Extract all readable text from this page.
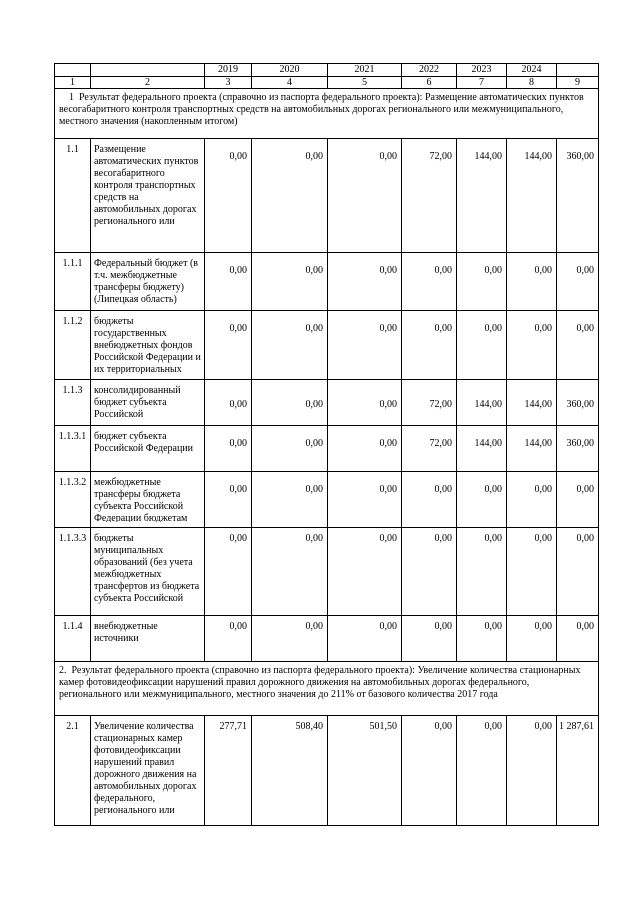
		2019	2020	2021	2022	2023	2024	
1	2	3	4	5	6	7	8	9
1 Результат федерального проекта (справочно из паспорта федерального проекта): Размещение автоматических пунктов весогабаритного контроля транспортных средств на автомобильных дорогах регионального или межмуниципального, местного значения (накопленным итогом)								
1.1	Размещение автоматических пунктов весогабаритного контроля транспортных средств на автомобильных дорогах регионального или	0,00	0,00	0,00	72,00	144,00	144,00	360,00
1.1.1	Федеральный бюджет (в т.ч. межбюджетные трансферы бюджету) (Липецкая область)	0,00	0,00	0,00	0,00	0,00	0,00	0,00
1.1.2	бюджеты государственных внебюджетных фондов Российской Федерации и их территориальных	0,00	0,00	0,00	0,00	0,00	0,00	0,00
1.1.3	консолидированный бюджет субъекта Российской	0,00	0,00	0,00	72,00	144,00	144,00	360,00
1.1.3.1	бюджет субъекта Российской Федерации	0,00	0,00	0,00	72,00	144,00	144,00	360,00
1.1.3.2	межбюджетные трансферы бюджета субъекта Российской Федерации бюджетам	0,00	0,00	0,00	0,00	0,00	0,00	0,00
1.1.3.3	бюджеты муниципальных образований (без учета межбюджетных трансфертов из бюджета субъекта Российской	0,00	0,00	0,00	0,00	0,00	0,00	0,00
1.1.4	внебюджетные источники	0,00	0,00	0,00	0,00	0,00	0,00	0,00
2. Результат федерального проекта (справочно из паспорта федерального проекта): Увеличение количества стационарных камер фотовидеофиксации нарушений правил дорожного движения на автомобильных дорогах федерального, регионального или межмуниципального, местного значения до 211% от базового количества 2017 года								
2.1	Увеличение количества стационарных камер фотовидеофиксации нарушений правил дорожного движения на автомобильных дорогах федерального, регионального или	277,71	508,40	501,50	0,00	0,00	0,00	1 287,61
